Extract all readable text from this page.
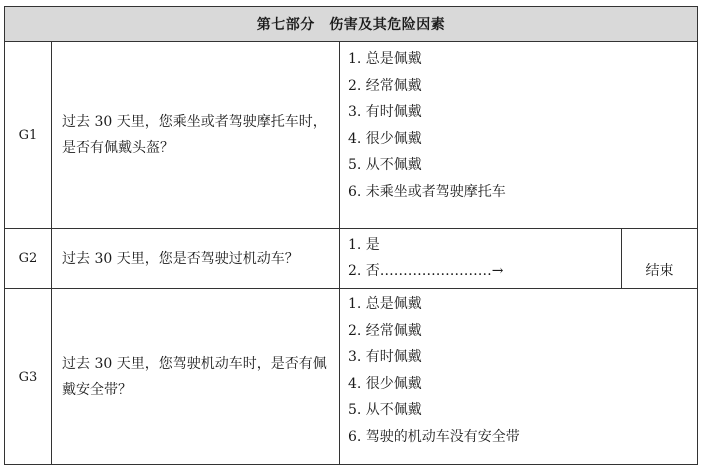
第七部分　伤害及其危险因素
G1
过去 30 天里，您乘坐或者驾驶摩托车时，是否有佩戴头盔？
1. 总是佩戴
2. 经常佩戴
3. 有时佩戴
4. 很少佩戴
5. 从不佩戴
6. 未乘坐或者驾驶摩托车
G2	过去 30 天里，您是否驾驶过机动车？
1. 是
2. 否……………………→	结束
G3
过去 30 天里，您驾驶机动车时，是否有佩戴安全带？
1. 总是佩戴
2. 经常佩戴
3. 有时佩戴
4. 很少佩戴
5. 从不佩戴
6. 驾驶的机动车没有安全带
